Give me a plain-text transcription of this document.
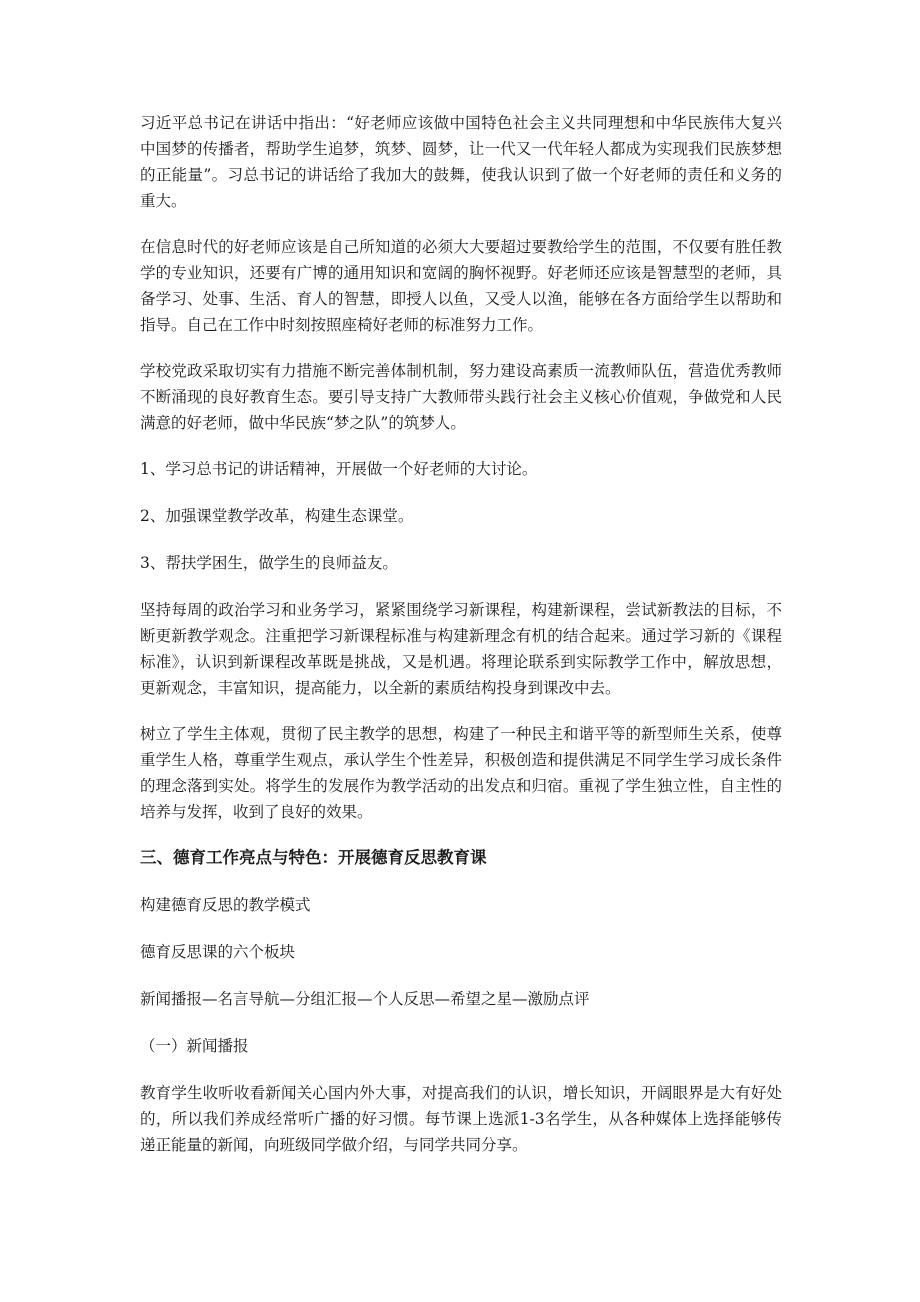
习近平总书记在讲话中指出：“好老师应该做中国特色社会主义共同理想和中华民族伟大复兴中国梦的传播者，帮助学生追梦，筑梦、圆梦，让一代又一代年轻人都成为实现我们民族梦想的正能量”。习总书记的讲话给了我加大的鼓舞，使我认识到了做一个好老师的责任和义务的重大。

在信息时代的好老师应该是自己所知道的必须大大要超过要教给学生的范围，不仅要有胜任教学的专业知识，还要有广博的通用知识和宽阔的胸怀视野。好老师还应该是智慧型的老师，具备学习、处事、生活、育人的智慧，即授人以鱼，又受人以渔，能够在各方面给学生以帮助和指导。自己在工作中时刻按照座椅好老师的标准努力工作。

学校党政采取切实有力措施不断完善体制机制，努力建设高素质一流教师队伍，营造优秀教师不断涌现的良好教育生态。要引导支持广大教师带头践行社会主义核心价值观，争做党和人民满意的好老师，做中华民族“梦之队”的筑梦人。

1、学习总书记的讲话精神，开展做一个好老师的大讨论。

2、加强课堂教学改革，构建生态课堂。

3、帮扶学困生，做学生的良师益友。

坚持每周的政治学习和业务学习，紧紧围绕学习新课程，构建新课程，尝试新教法的目标，不断更新教学观念。注重把学习新课程标准与构建新理念有机的结合起来。通过学习新的《课程标准》，认识到新课程改革既是挑战，又是机遇。将理论联系到实际教学工作中，解放思想，更新观念，丰富知识，提高能力，以全新的素质结构投身到课改中去。

树立了学生主体观，贯彻了民主教学的思想，构建了一种民主和谐平等的新型师生关系，使尊重学生人格，尊重学生观点，承认学生个性差异，积极创造和提供满足不同学生学习成长条件的理念落到实处。将学生的发展作为教学活动的出发点和归宿。重视了学生独立性，自主性的培养与发挥，收到了良好的效果。

三、德育工作亮点与特色：开展德育反思教育课

构建德育反思的教学模式

德育反思课的六个板块

新闻播报—名言导航—分组汇报—个人反思—希望之星—激励点评

（一）新闻播报

教育学生收听收看新闻关心国内外大事，对提高我们的认识，增长知识，开阔眼界是大有好处的，所以我们养成经常听广播的好习惯。每节课上选派1-3名学生，从各种媒体上选择能够传递正能量的新闻，向班级同学做介绍，与同学共同分享。
